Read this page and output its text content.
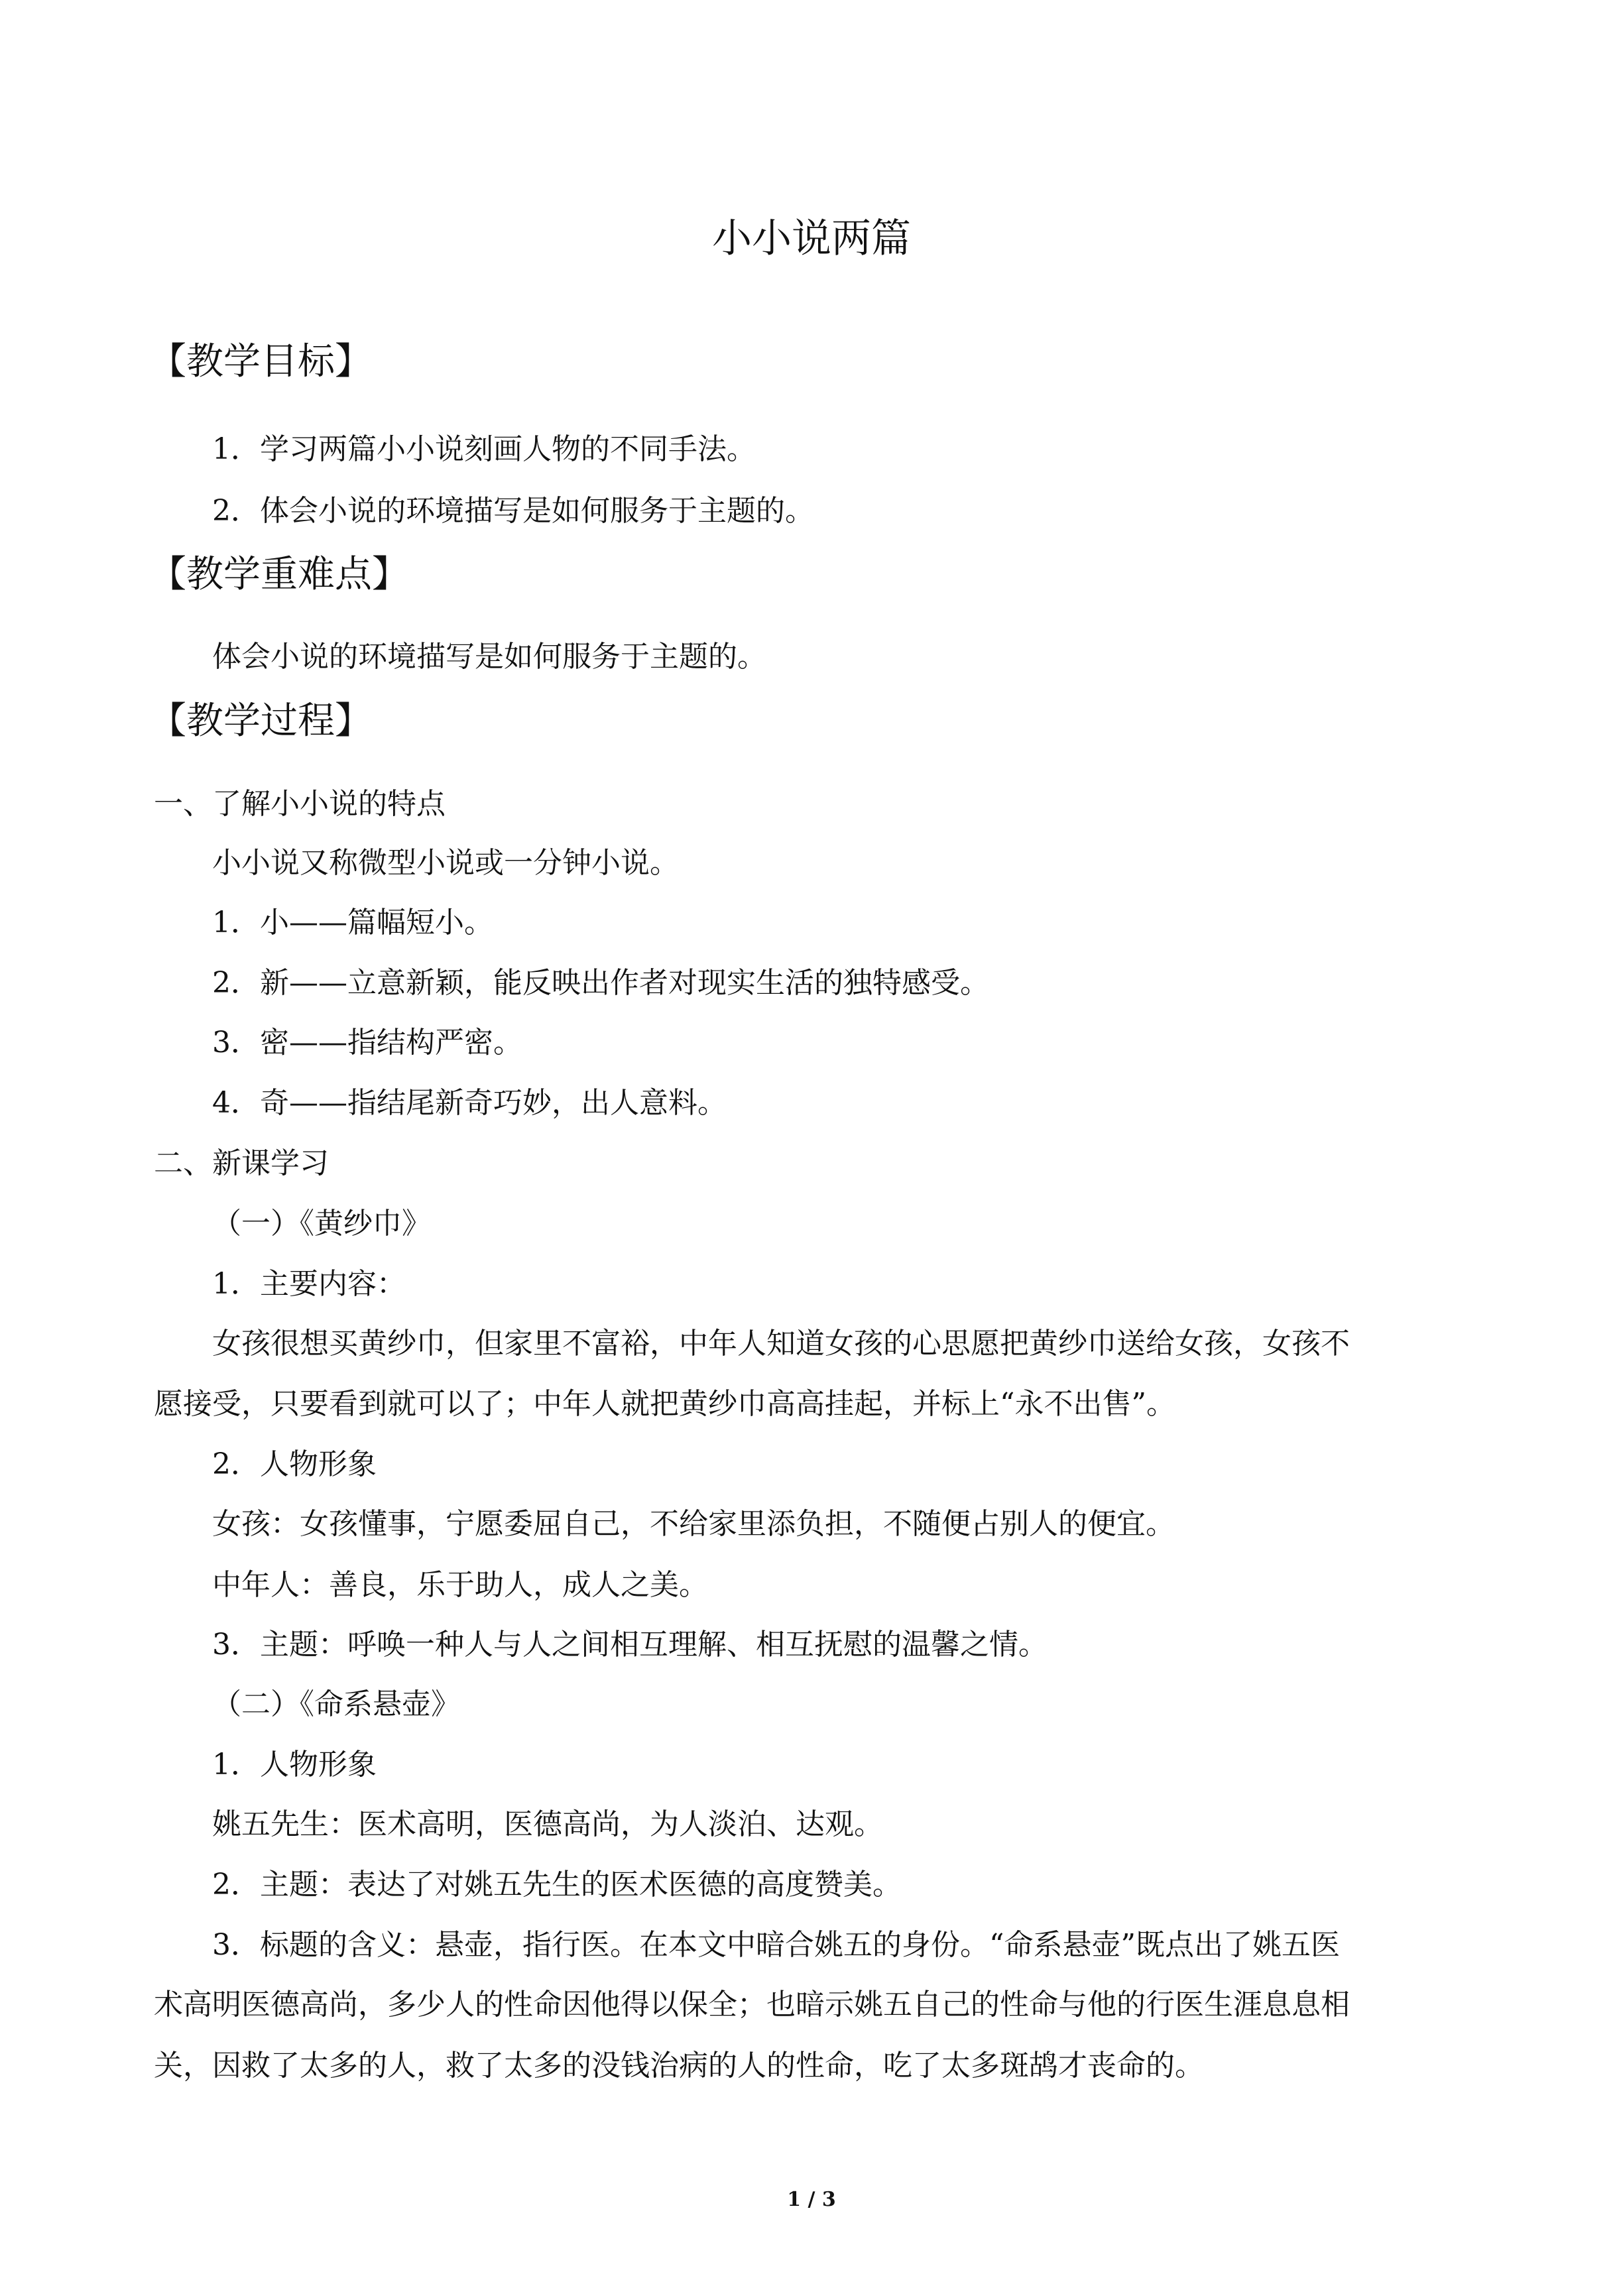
小小说两篇
【教学目标】
1．学习两篇小小说刻画人物的不同手法。
2．体会小说的环境描写是如何服务于主题的。
【教学重难点】
体会小说的环境描写是如何服务于主题的。
【教学过程】
一、了解小小说的特点
小小说又称微型小说或一分钟小说。
1．小——篇幅短小。
2．新——立意新颖，能反映出作者对现实生活的独特感受。
3．密——指结构严密。
4．奇——指结尾新奇巧妙，出人意料。
二、新课学习
（一）《黄纱巾》
1．主要内容：
女孩很想买黄纱巾，但家里不富裕，中年人知道女孩的心思愿把黄纱巾送给女孩，女孩不
愿接受，只要看到就可以了；中年人就把黄纱巾高高挂起，并标上“永不出售”。
2．人物形象
女孩：女孩懂事，宁愿委屈自己，不给家里添负担，不随便占别人的便宜。
中年人：善良，乐于助人，成人之美。
3．主题：呼唤一种人与人之间相互理解、相互抚慰的温馨之情。
（二）《命系悬壶》
1．人物形象
姚五先生：医术高明，医德高尚，为人淡泊、达观。
2．主题：表达了对姚五先生的医术医德的高度赞美。
3．标题的含义：悬壶，指行医。在本文中暗合姚五的身份。“命系悬壶”既点出了姚五医
术高明医德高尚，多少人的性命因他得以保全；也暗示姚五自己的性命与他的行医生涯息息相
关，因救了太多的人，救了太多的没钱治病的人的性命，吃了太多斑鸪才丧命的。
1 / 3
